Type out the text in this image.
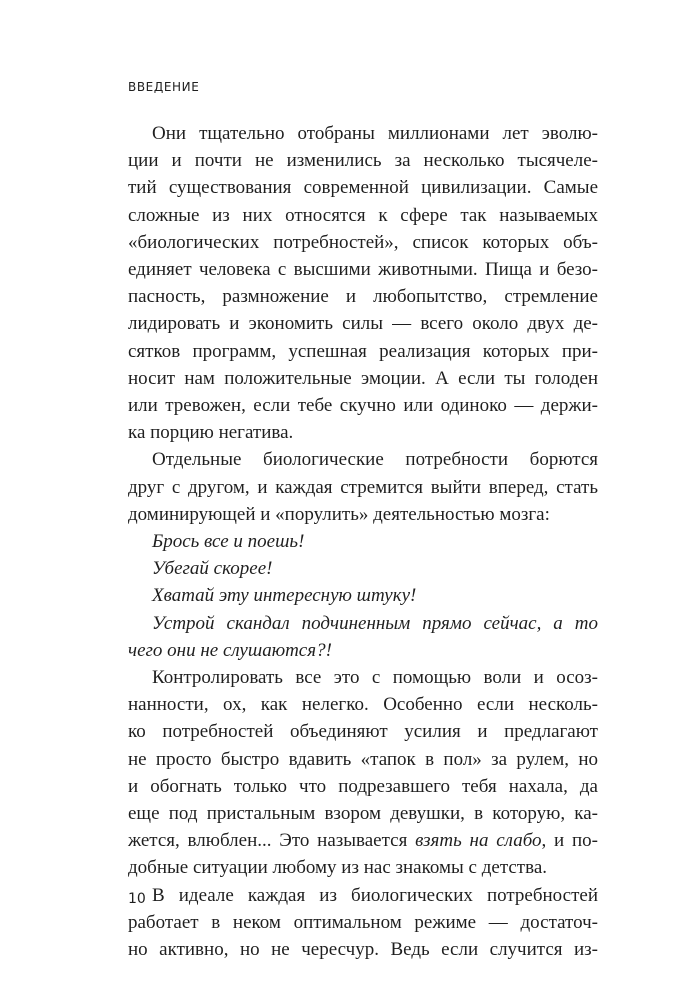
ВВЕДЕНИЕ
Они тщательно отобраны миллионами лет эволю-
ции и почти не изменились за несколько тысячеле-
тий существования современной цивилизации. Самые
сложные из них относятся к сфере так называемых
«биологических потребностей», список которых объ-
единяет человека с высшими животными. Пища и безо-
пасность, размножение и любопытство, стремление
лидировать и экономить силы — всего около двух де-
сятков программ, успешная реализация которых при-
носит нам положительные эмоции. А если ты голоден
или тревожен, если тебе скучно или одиноко — держи-
ка порцию негатива.
Отдельные биологические потребности борются
друг с другом, и каждая стремится выйти вперед, стать
доминирующей и «порулить» деятельностью мозга:
Брось все и поешь!
Убегай скорее!
Хватай эту интересную штуку!
Устрой скандал подчиненным прямо сейчас, а то
чего они не слушаются?!
Контролировать все это с помощью воли и осоз-
нанности, ох, как нелегко. Особенно если несколь-
ко потребностей объединяют усилия и предлагают
не просто быстро вдавить «тапок в пол» за рулем, но
и обогнать только что подрезавшего тебя нахала, да
еще под пристальным взором девушки, в которую, ка-
жется, влюблен... Это называется взять на слабо, и по-
добные ситуации любому из нас знакомы с детства.
В идеале каждая из биологических потребностей
работает в неком оптимальном режиме — достаточ-
но активно, но не чересчур. Ведь если случится из-
10
